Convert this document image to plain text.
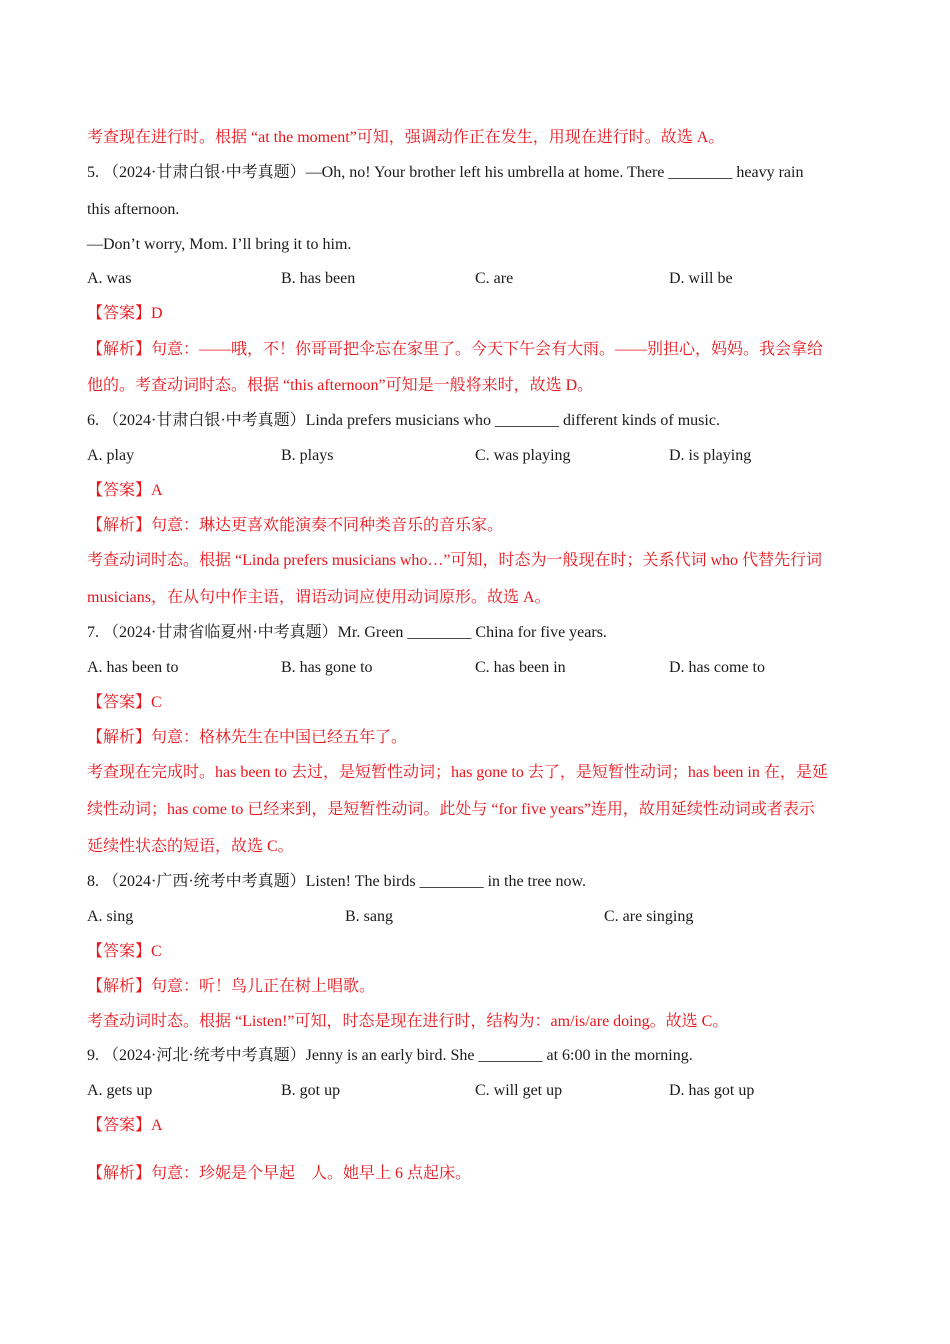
考查现在进行时。根据 “at the moment”可知，强调动作正在发生，用现在进行时。故选 A。
5. （2024·甘肃白银·中考真题）—Oh, no! Your brother left his umbrella at home. There ________ heavy rain
this afternoon.
—Don’t worry, Mom. I’ll bring it to him.
A. was	B. has been	C. are	D. will be
【答案】D
【解析】句意：——哦，不！你哥哥把伞忘在家里了。今天下午会有大雨。——别担心，妈妈。我会拿给
他的。考查动词时态。根据 “this afternoon”可知是一般将来时，故选 D。
6. （2024·甘肃白银·中考真题）Linda prefers musicians who ________ different kinds of music.
A. play	B. plays	C. was playing	D. is playing
【答案】A
【解析】句意：琳达更喜欢能演奏不同种类音乐的音乐家。
考查动词时态。根据 “Linda prefers musicians who…”可知，时态为一般现在时；关系代词 who 代替先行词
musicians，在从句中作主语，谓语动词应使用动词原形。故选 A。
7. （2024·甘肃省临夏州·中考真题）Mr. Green ________ China for five years.
A. has been to	B. has gone to	C. has been in	D. has come to
【答案】C
【解析】句意：格林先生在中国已经五年了。
考查现在完成时。has been to 去过，是短暂性动词；has gone to 去了，是短暂性动词；has been in 在，是延
续性动词；has come to 已经来到，是短暂性动词。此处与 “for five years”连用，故用延续性动词或者表示
延续性状态的短语，故选 C。
8. （2024·广西·统考中考真题）Listen! The birds ________ in the tree now.
A. sing	B. sang	C. are singing
【答案】C
【解析】句意：听！鸟儿正在树上唱歌。
考查动词时态。根据 “Listen!”可知，时态是现在进行时，结构为：am/is/are doing。故选 C。
9. （2024·河北·统考中考真题）Jenny is an early bird. She ________ at 6:00 in the morning.
A. gets up	B. got up	C. will get up	D. has got up
【答案】A
【解析】句意：珍妮是个早起　人。她早上 6 点起床。
